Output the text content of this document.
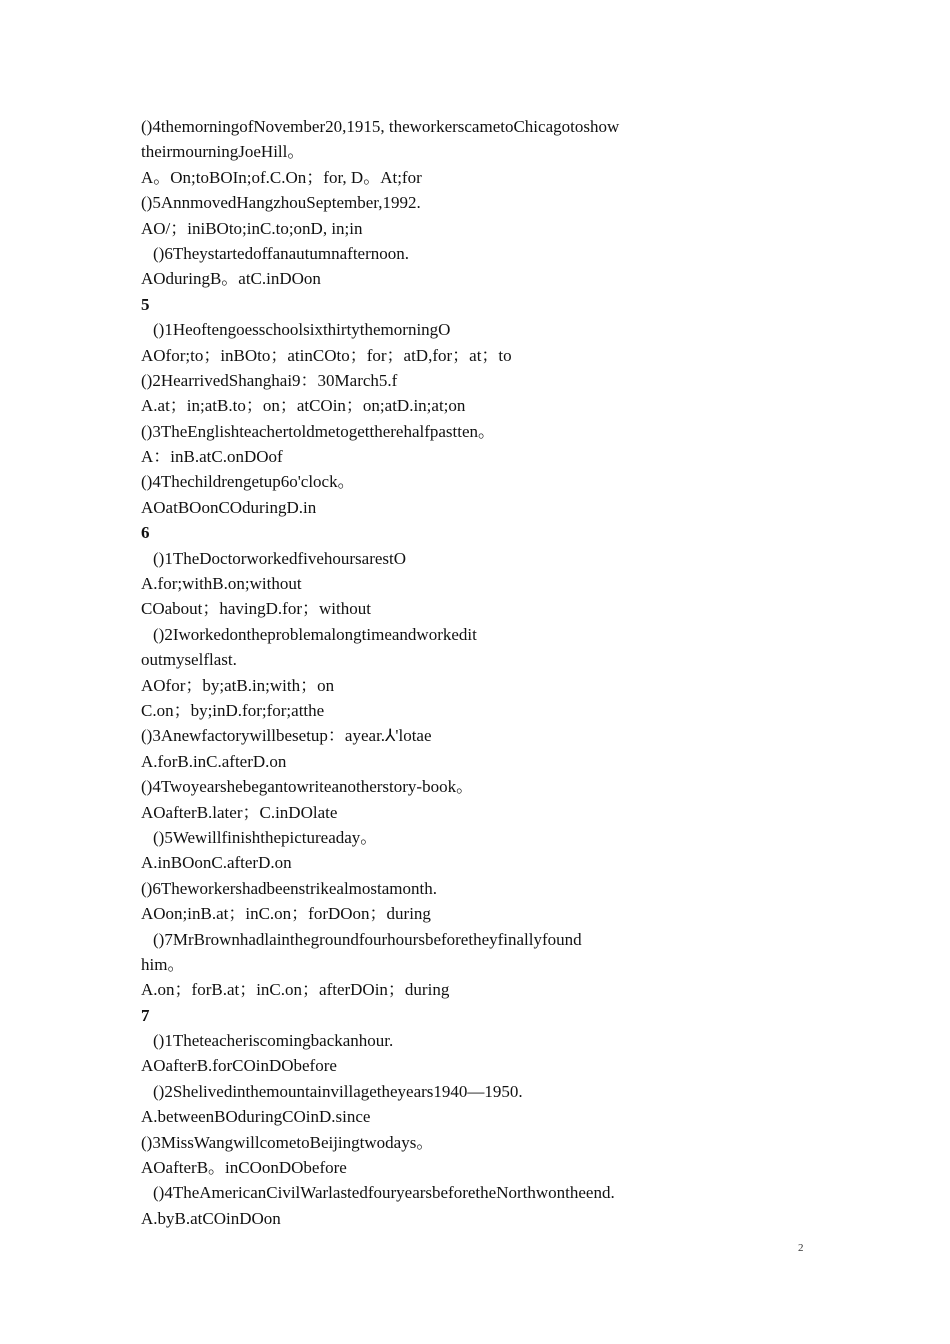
()4themorningofNovember20,1915, theworkerscametoChicagotoshow
theirmourningJoeHill。
A。On;toBOIn;of.C.On；for, D。At;for
()5AnnmovedHangzhouSeptember,1992.
AO/；iniBOto;inC.to;onD, in;in
()6Theystartedoffanautumnafternoon.
AOduringB。atC.inDOon
5
()1HeoftengoesschoolsixthirtythemorningO
AOfor;to；inBOto；atinCOto；for；atD,for；at；to
()2HearrivedShanghai9：30March5.f
A.at；in;atB.to；on；atCOin；on;atD.in;at;on
()3TheEnglishteachertoldmetogettherehalfpastten。
A：inB.atC.onDOof
()4Thechildrengetup6o'clock。
AOatBOonCOduringD.in
6
()1TheDoctorworkedfivehoursarestO
A.for;withB.on;without
COabout；havingD.for；without
()2Iworkedontheproblemalongtimeandworkedit
outmyselflast.
AOfor；by;atB.in;with；on
C.on；by;inD.for;for;atthe
()3Anewfactorywillbesetup：ayear.⅄'lotae
A.forB.inC.afterD.on
()4Twoyearshebegantowriteanotherstory-book。
AOafterB.later；C.inDOlate
()5Wewillfinishthepictureaday。
A.inBOonC.afterD.on
()6Theworkershadbeenstrikealmostamonth.
AOon;inB.at；inC.on；forDOon；during
()7MrBrownhadlainthegroundfourhoursbeforetheyfinallyfound
him。
A.on；forB.at；inC.on；afterDOin；during
7
()1Theteacheriscomingbackanhour.
AOafterB.forCOinDObefore
()2Shelivedinthemountainvillagetheyears1940—1950.
A.betweenBOduringCOinD.since
()3MissWangwillcometoBeijingtwodays。
AOafterB。inCOonDObefore
()4TheAmericanCivilWarlastedfouryearsbeforetheNorthwontheend.
A.byB.atCOinDOon
2
